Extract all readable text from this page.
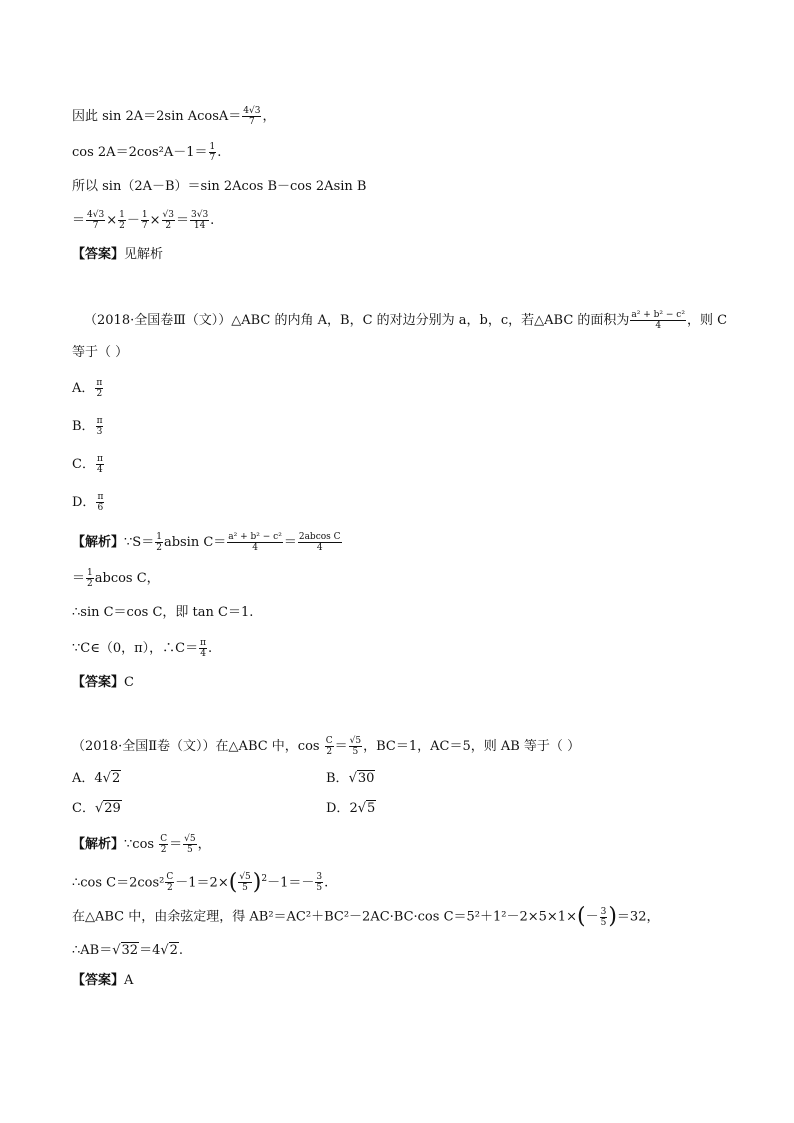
因此 sin 2A＝2sin $AcosA= \frac{4√3}{7}$ ，
$\cos 2A=2\cos^2A-1= \frac{1}{7}$ .
所以 sin（2A－B）＝sin 2Acos B－cos 2Asin B
＝ $\frac{4√3}{7} \times \frac{1}{2} - \frac{1}{7} \times \frac{√3}{2} = \frac{3√3}{14}$ .
【答案】见解析
（2018·全国卷Ⅲ（文））△ABC 的内角 A，B，C 的对边分别为 a，b，c，若△ABC 的面积为 $\frac{\text{a² + b² − c²}}{4}$ ，则 C
等于（ ）
A． $\frac{\pi}{2}$
B． $\frac{\pi}{3}$
C． $\frac{\pi}{4}$
D． $\frac{\pi}{6}$
【解析】∵S＝ $\frac{1}{2}$ absin $C= \frac{\text{a² + b² − c²}}{4} = \frac{\text{2abcos C}}{4}$
＝ $\frac{1}{2}$ abcos C，
∴sin C＝cos C，即 tan C＝1.
∵C∈（0，π），∴C＝ $\frac{\pi}{4}$ .
【答案】C
（2018·全国Ⅱ卷（文））在△ABC 中，$\cos \frac{C}{2} = \frac{√5}{5}$ ，BC＝1，AC＝5，则 AB 等于（ ）
A．4√2	B．√30
C．√29	D．2√5
【解析】∵cos $\frac{C}{2} = \frac{√5}{5}$ ，
∴cos $C=2\cos^2 \frac{C}{2} -1=2\times( \frac{√5}{5} )^2-1=- \frac{3}{5}$ .
在△ABC 中，由余弦定理，得 AB²＝AC²＋BC²－2AC·BC·cos $C=5^2+1^2-2\times 5\times 1\times(- \frac{3}{5} )=32$，
∴AB＝√32＝4√2.
【答案】A
